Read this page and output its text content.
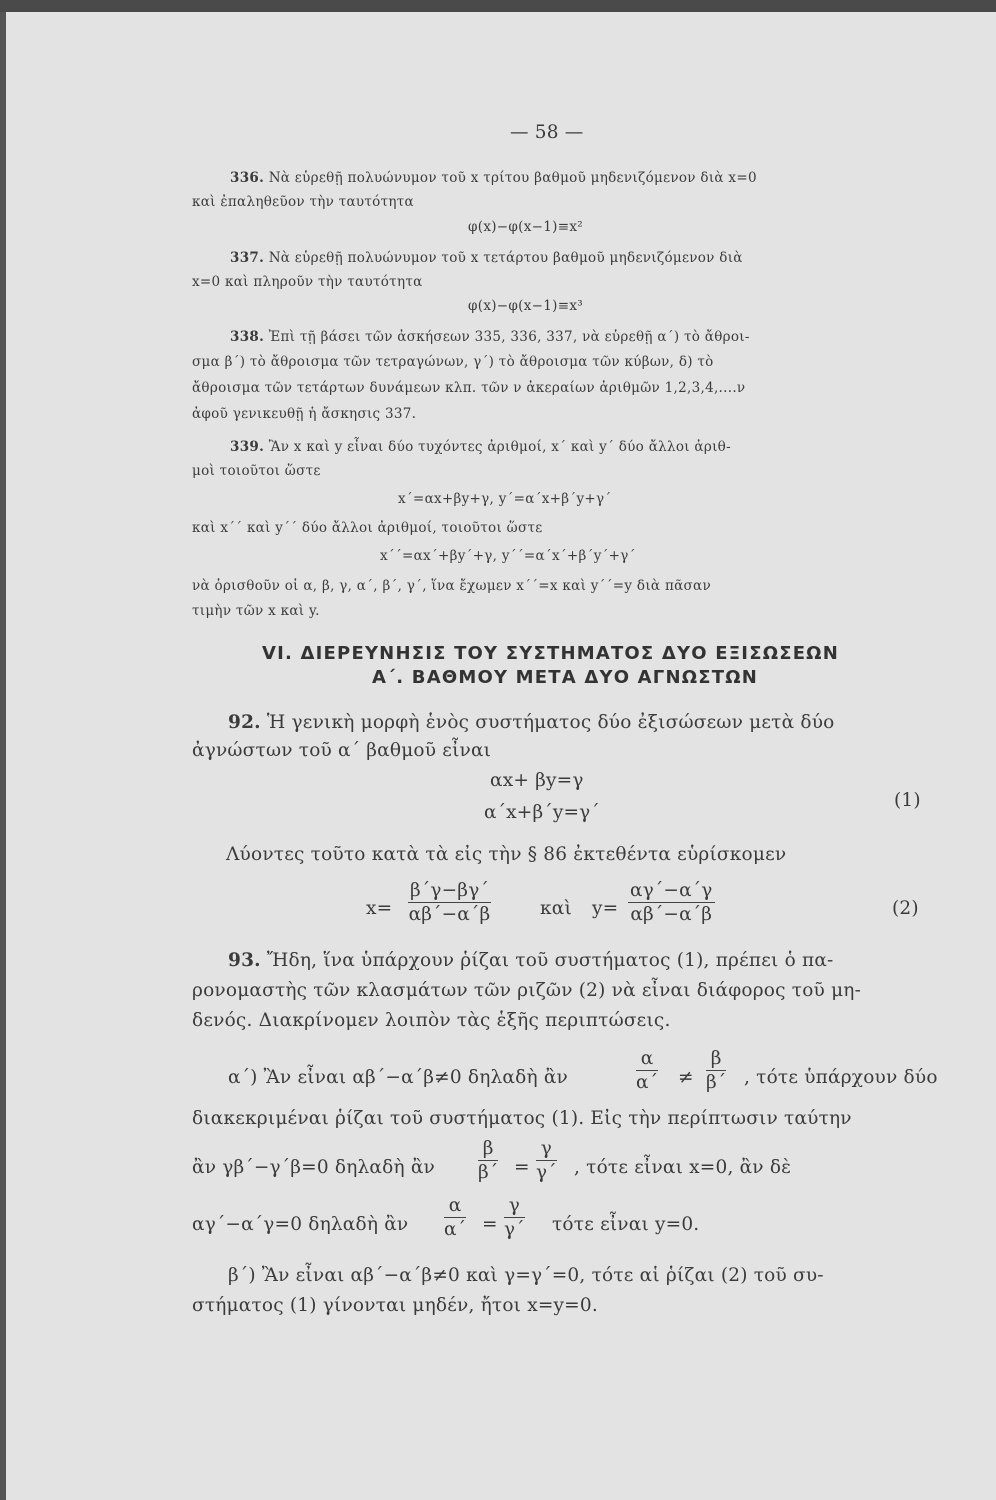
— 58 —
336. Νὰ εὑρεθῇ πολυώνυμον τοῦ x τρίτου βαθμοῦ μηδενιζόμενον διὰ x=0
καὶ ἐπαληθεῦον τὴν ταυτότητα
φ(x)−φ(x−1)≡x²
337. Νὰ εὑρεθῇ πολυώνυμον τοῦ x τετάρτου βαθμοῦ μηδενιζόμενον διὰ
x=0 καὶ πληροῦν τὴν ταυτότητα
φ(x)−φ(x−1)≡x³
338. Ἐπὶ τῇ βάσει τῶν ἀσκήσεων 335, 336, 337, νὰ εὑρεθῇ α΄) τὸ ἄθροι-
σμα β΄) τὸ ἄθροισμα τῶν τετραγώνων, γ΄) τὸ ἄθροισμα τῶν κύβων, δ) τὸ
ἄθροισμα τῶν τετάρτων δυνάμεων κλπ. τῶν ν ἀκεραίων ἀριθμῶν 1,2,3,4,....ν
ἀφοῦ γενικευθῇ ἡ ἄσκησις 337.
339. Ἂν x καὶ y εἶναι δύο τυχόντες ἀριθμοί, x΄ καὶ y΄ δύο ἄλλοι ἀριθ-
μοὶ τοιοῦτοι ὥστε
x΄=αx+βy+γ, y΄=α΄x+β΄y+γ΄
καὶ x΄΄ καὶ y΄΄ δύο ἄλλοι ἀριθμοί, τοιοῦτοι ὥστε
x΄΄=αx΄+βy΄+γ, y΄΄=α΄x΄+β΄y΄+γ΄
νὰ ὁρισθοῦν οἱ α, β, γ, α΄, β΄, γ΄, ἵνα ἔχωμεν x΄΄=x καὶ y΄΄=y διὰ πᾶσαν
τιμὴν τῶν x καὶ y.
VI. ΔΙΕΡΕΥΝΗΣΙΣ ΤΟΥ ΣΥΣΤΗΜΑΤΟΣ ΔΥΟ ΕΞΙΣΩΣΕΩΝ
Α΄. ΒΑΘΜΟΥ ΜΕΤΑ ΔΥΟ ΑΓΝΩΣΤΩΝ
92. Ἡ γενικὴ μορφὴ ἑνὸς συστήματος δύο ἐξισώσεων μετὰ δύο
ἀγνώστων τοῦ α΄ βαθμοῦ εἶναι
αx+ βy=γ
α΄x+β΄y=γ΄
(1)
Λύοντες τοῦτο κατὰ τὰ εἰς τὴν § 86 ἐκτεθέντα εὑρίσκομεν
$x= \frac{\beta΄\gamma-\beta\gamma΄}{\alpha\beta΄-\alpha΄\beta}$	καὶ $y= \frac{\alpha\gamma΄-\alpha΄\gamma}{\alpha\beta΄-\alpha΄\beta}$	(2)
93. Ἤδη, ἵνα ὑπάρχουν ῥίζαι τοῦ συστήματος (1), πρέπει ὁ πα-
ρονομαστὴς τῶν κλασμάτων τῶν ριζῶν (2) νὰ εἶναι διάφορος τοῦ μη-
δενός. Διακρίνομεν λοιπὸν τὰς ἑξῆς περιπτώσεις.
α΄) Ἂν εἶναι αβ΄−α΄β≠0 δηλαδὴ ἂν	$\frac{\alpha}{\alpha΄} \ne \frac{\beta}{\beta΄}$ , τότε ὑπάρχουν δύο
διακεκριμέναι ῥίζαι τοῦ συστήματος (1). Εἰς τὴν περίπτωσιν ταύτην
ἂν γβ΄−γ΄β=0 δηλαδὴ ἂν $\frac{\beta}{\beta΄} = \frac{\gamma}{\gamma΄}$ , τότε εἶναι x=0, ἂν δὲ
αγ΄−α΄γ=0 δηλαδὴ ἂν $\frac{\alpha}{\alpha΄} = \frac{\gamma}{\gamma΄}$ τότε εἶναι y=0.
β΄) Ἂν εἶναι αβ΄−α΄β≠0 καὶ γ=γ΄=0, τότε αἱ ῥίζαι (2) τοῦ συ-
στήματος (1) γίνονται μηδέν, ἤτοι x=y=0.
